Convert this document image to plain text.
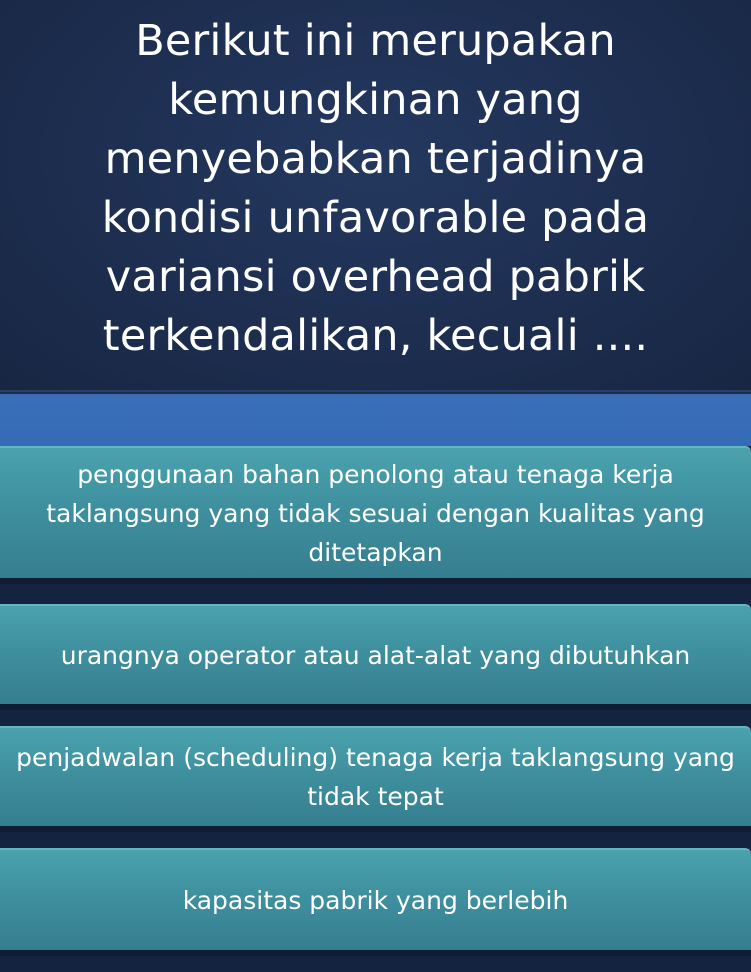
Berikut ini merupakan kemungkinan yang menyebabkan terjadinya kondisi unfavorable pada variansi overhead pabrik terkendalikan, kecuali ....
penggunaan bahan penolong atau tenaga kerja taklangsung yang tidak sesuai dengan kualitas yang ditetapkan
urangnya operator atau alat-alat yang dibutuhkan
penjadwalan (scheduling) tenaga kerja taklangsung yang tidak tepat
kapasitas pabrik yang berlebih
